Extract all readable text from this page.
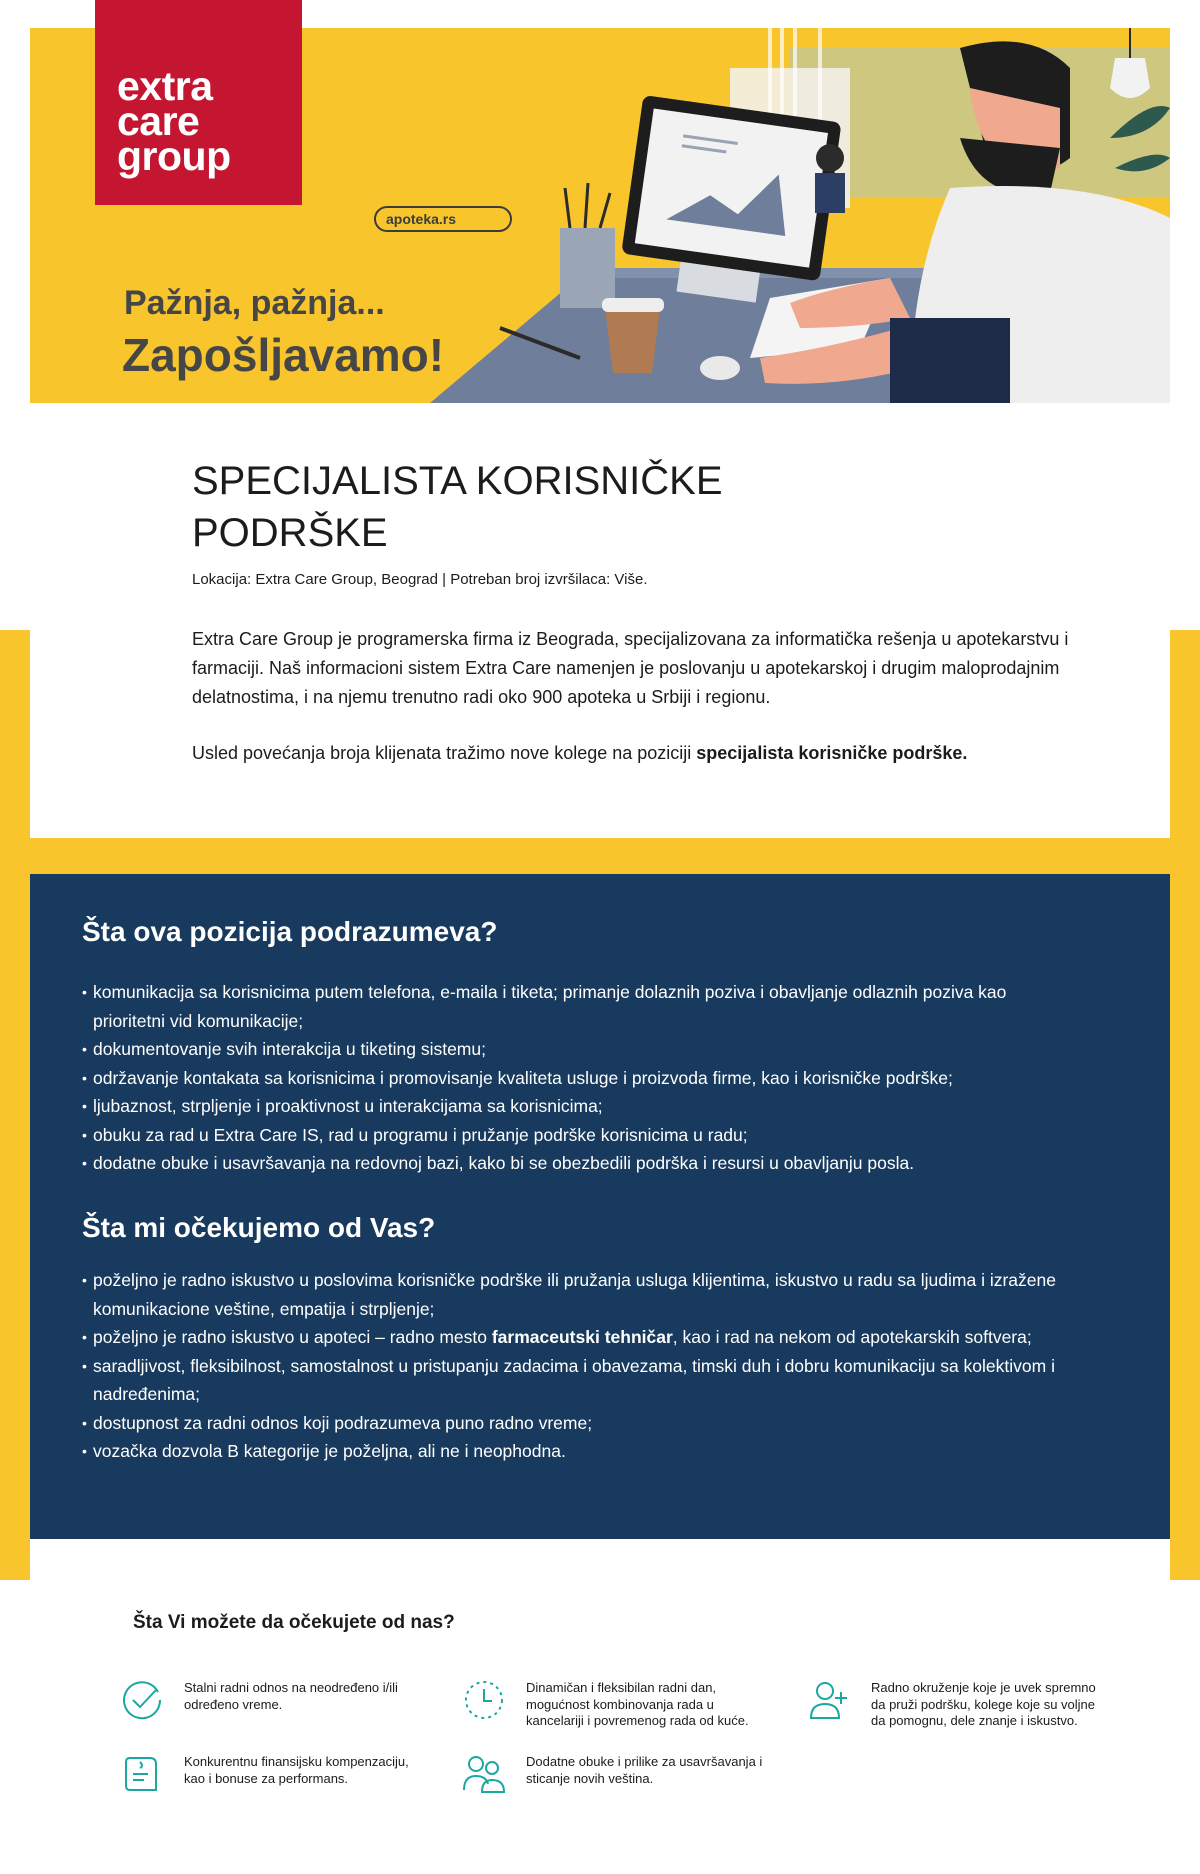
apoteka.rs
Pažnja, pažnja...
Zapošljavamo!
extra
care
group
SPECIJALISTA KORISNIČKE PODRŠKE
Lokacija: Extra Care Group, Beograd | Potreban broj izvršilaca: Više.

Extra Care Group je programerska firma iz Beograda, specijalizovana za informatička rešenja u apotekarstvu i farmaciji. Naš informacioni sistem Extra Care namenjen je poslovanju u apotekarskoj i drugim maloprodajnim delatnostima, i na njemu trenutno radi oko 900 apoteka u Srbiji i regionu.

Usled povećanja broja klijenata tražimo nove kolege na poziciji specijalista korisničke podrške.

Šta ova pozicija podrazumeva?
• komunikacija sa korisnicima putem telefona, e-maila i tiketa; primanje dolaznih poziva i obavljanje odlaznih poziva kao prioritetni vid komunikacije;
• dokumentovanje svih interakcija u tiketing sistemu;
• održavanje kontakata sa korisnicima i promovisanje kvaliteta usluge i proizvoda firme, kao i korisničke podrške;
• ljubaznost, strpljenje i proaktivnost u interakcijama sa korisnicima;
• obuku za rad u Extra Care IS, rad u programu i pružanje podrške korisnicima u radu;
• dodatne obuke i usavršavanja na redovnoj bazi, kako bi se obezbedili podrška i resursi u obavljanju posla.
Šta mi očekujemo od Vas?
• poželjno je radno iskustvo u poslovima korisničke podrške ili pružanja usluga klijentima, iskustvo u radu sa ljudima i izražene komunikacione veštine, empatija i strpljenje;
• poželjno je radno iskustvo u apoteci – radno mesto farmaceutski tehničar, kao i rad na nekom od apotekarskih softvera;
• saradljivost, fleksibilnost, samostalnost u pristupanju zadacima i obavezama, timski duh i dobru komunikaciju sa kolektivom i nadređenima;
• dostupnost za radni odnos koji podrazumeva puno radno vreme;
• vozačka dozvola B kategorije je poželjna, ali ne i neophodna.
Šta Vi možete da očekujete od nas?
Stalni radni odnos na neodređeno i/ili određeno vreme.
Dinamičan i fleksibilan radni dan, mogućnost kombinovanja rada u kancelariji i povremenog rada od kuće.
Radno okruženje koje je uvek spremno da pruži podršku, kolege koje su voljne da pomognu, dele znanje i iskustvo.
Konkurentnu finansijsku kompenzaciju, kao i bonuse za performans.
Dodatne obuke i prilike za usavršavanja i sticanje novih veština.
